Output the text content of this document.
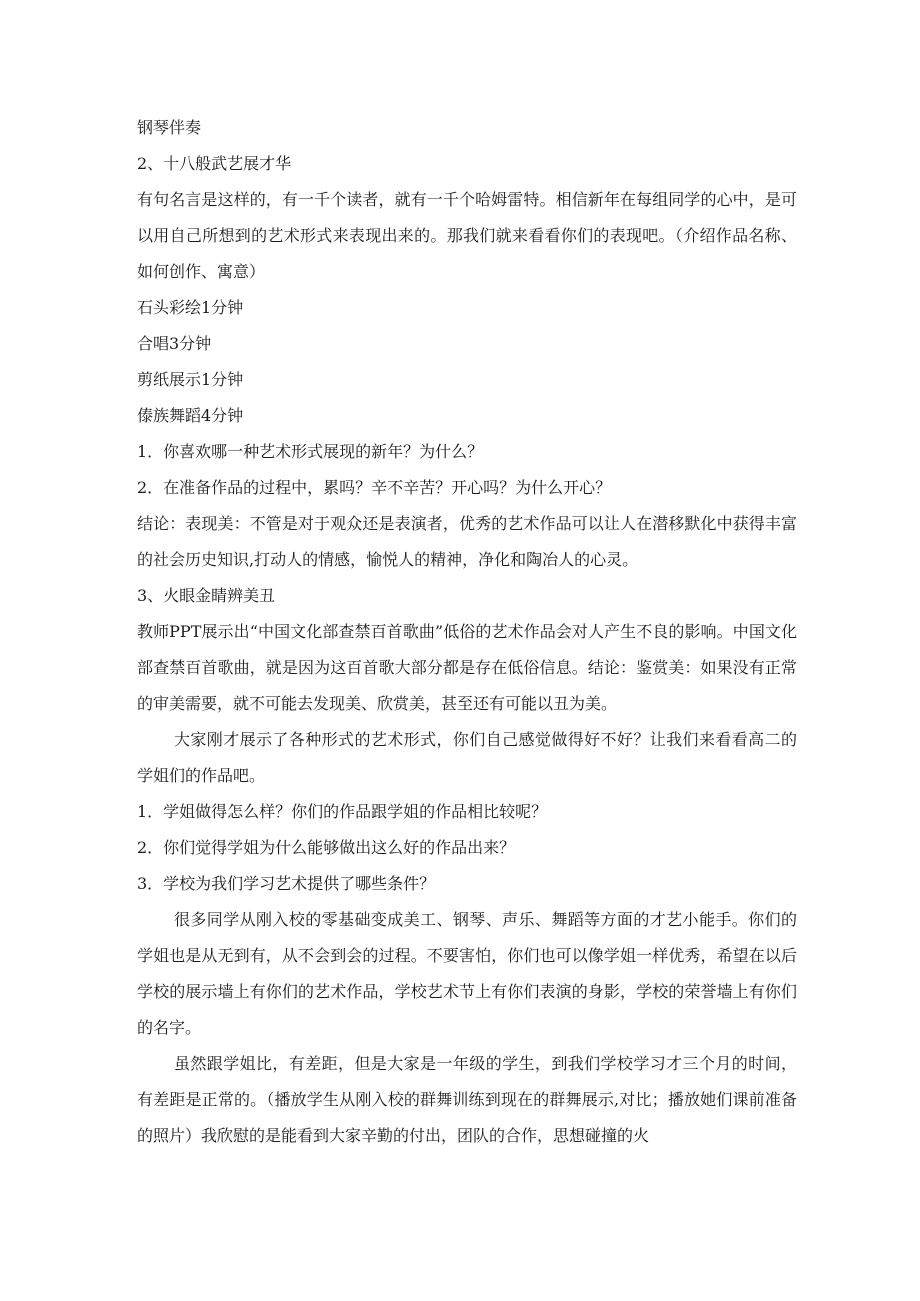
钢琴伴奏

2、十八般武艺展才华

有句名言是这样的，有一千个读者，就有一千个哈姆雷特。相信新年在每组同学的心中，是可以用自己所想到的艺术形式来表现出来的。那我们就来看看你们的表现吧。（介绍作品名称、如何创作、寓意）

石头彩绘1分钟

合唱3分钟

剪纸展示1分钟

傣族舞蹈4分钟

1．你喜欢哪一种艺术形式展现的新年？为什么？

2．在准备作品的过程中，累吗？辛不辛苦？开心吗？为什么开心？

结论：表现美：不管是对于观众还是表演者，优秀的艺术作品可以让人在潜移默化中获得丰富的社会历史知识,打动人的情感，愉悦人的精神，净化和陶冶人的心灵。

3、火眼金睛辨美丑

教师PPT展示出“中国文化部查禁百首歌曲”低俗的艺术作品会对人产生不良的影响。中国文化部查禁百首歌曲，就是因为这百首歌大部分都是存在低俗信息。结论：鉴赏美：如果没有正常的审美需要，就不可能去发现美、欣赏美，甚至还有可能以丑为美。

大家刚才展示了各种形式的艺术形式，你们自己感觉做得好不好？让我们来看看高二的学姐们的作品吧。

1．学姐做得怎么样？你们的作品跟学姐的作品相比较呢？

2．你们觉得学姐为什么能够做出这么好的作品出来？

3．学校为我们学习艺术提供了哪些条件？

很多同学从刚入校的零基础变成美工、钢琴、声乐、舞蹈等方面的才艺小能手。你们的学姐也是从无到有，从不会到会的过程。不要害怕，你们也可以像学姐一样优秀，希望在以后学校的展示墙上有你们的艺术作品，学校艺术节上有你们表演的身影，学校的荣誉墙上有你们的名字。

虽然跟学姐比，有差距，但是大家是一年级的学生，到我们学校学习才三个月的时间，有差距是正常的。（播放学生从刚入校的群舞训练到现在的群舞展示,对比；播放她们课前准备的照片）我欣慰的是能看到大家辛勤的付出，团队的合作，思想碰撞的火
